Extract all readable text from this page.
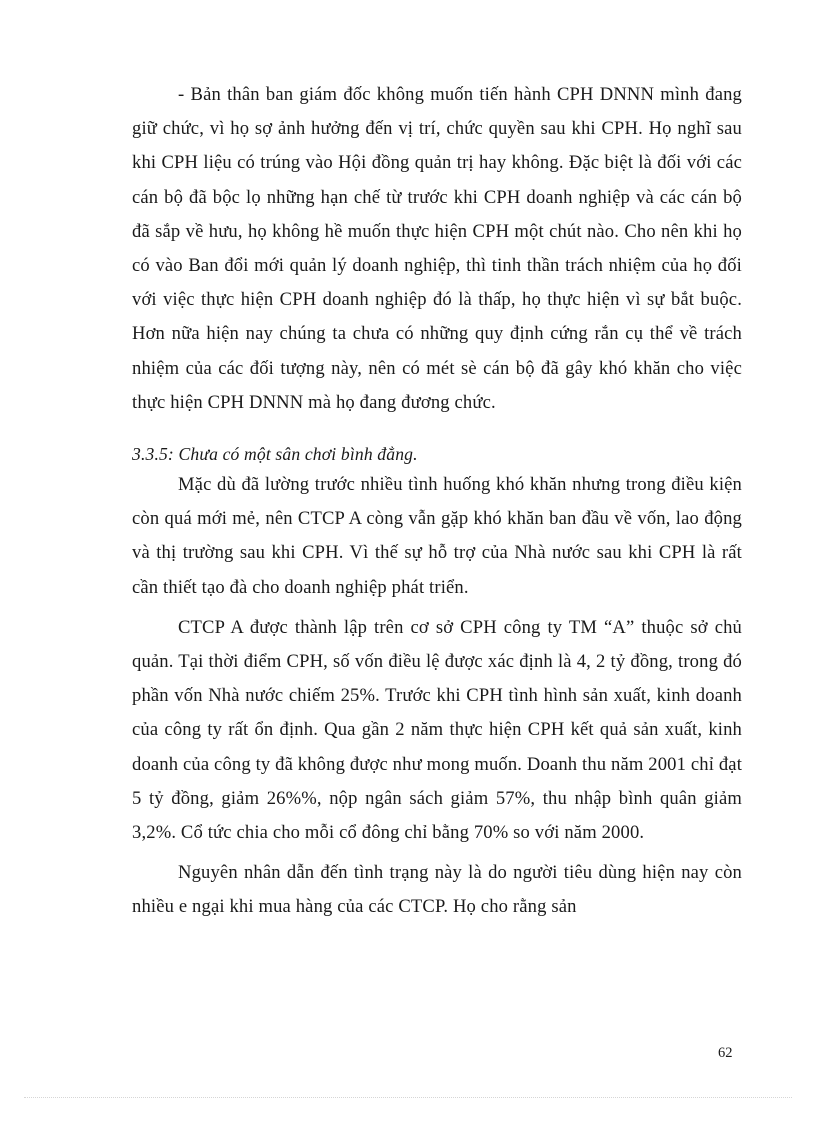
- Bản thân ban giám đốc không muốn tiến hành CPH DNNN mình đang giữ chức, vì họ sợ ảnh hưởng đến vị trí, chức quyền sau khi CPH. Họ nghĩ sau khi CPH liệu có trúng vào Hội đồng quản trị hay không. Đặc biệt là đối với các cán bộ đã bộc lọ những hạn chế từ trước khi CPH doanh nghiệp và các cán bộ đã sắp về hưu, họ không hề muốn thực hiện CPH một chút nào. Cho nên khi họ có vào Ban đổi mới quản lý doanh nghiệp, thì tinh thần trách nhiệm của họ đối với việc thực hiện CPH doanh nghiệp đó là thấp, họ thực hiện vì sự bắt buộc. Hơn nữa hiện nay chúng ta chưa có những quy định cứng rắn cụ thể về trách nhiệm của các đối tượng này, nên có mét sè cán bộ đã gây khó khăn cho việc thực hiện CPH DNNN mà họ đang đương chức.

3.3.5: Chưa có một sân chơi bình đẳng.

Mặc dù đã lường trước nhiều tình huống khó khăn nhưng trong điều kiện còn quá mới mẻ, nên CTCP A còng vẫn gặp khó khăn ban đầu về vốn, lao động và thị trường sau khi CPH. Vì thế sự hỗ trợ của Nhà nước sau khi CPH là rất cần thiết tạo đà cho doanh nghiệp phát triển.

CTCP A được thành lập trên cơ sở CPH công ty TM “A” thuộc sở chủ quản. Tại thời điểm CPH, số vốn điều lệ được xác định là 4, 2 tỷ đồng, trong đó phần vốn Nhà nước chiếm 25%. Trước khi CPH tình hình sản xuất, kinh doanh của công ty rất ổn định. Qua gần 2 năm thực hiện CPH kết quả sản xuất, kinh doanh của công ty đã không được như mong muốn. Doanh thu năm 2001 chỉ đạt 5 tỷ đồng, giảm 26%%, nộp ngân sách giảm 57%, thu nhập bình quân giảm 3,2%. Cổ tức chia cho mỗi cổ đông chỉ bằng 70% so với năm 2000.

Nguyên nhân dẫn đến tình trạng này là do người tiêu dùng hiện nay còn nhiều e ngại khi mua hàng của các CTCP. Họ cho rằng sản

62
